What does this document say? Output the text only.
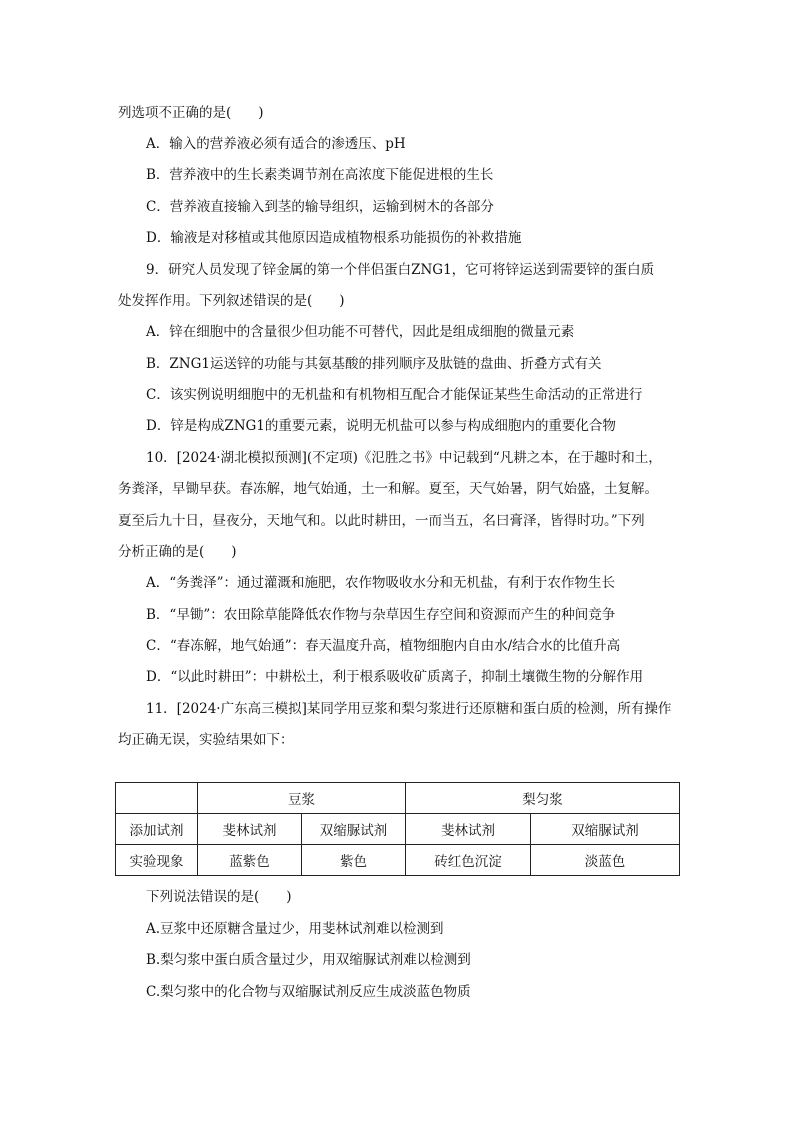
列选项不正确的是(　　)
A．输入的营养液必须有适合的渗透压、pH
B．营养液中的生长素类调节剂在高浓度下能促进根的生长
C．营养液直接输入到茎的输导组织，运输到树木的各部分
D．输液是对移植或其他原因造成植物根系功能损伤的补救措施
9．研究人员发现了锌金属的第一个伴侣蛋白ZNG1，它可将锌运送到需要锌的蛋白质
处发挥作用。下列叙述错误的是(　　)
A．锌在细胞中的含量很少但功能不可替代，因此是组成细胞的微量元素
B．ZNG1运送锌的功能与其氨基酸的排列顺序及肽链的盘曲、折叠方式有关
C．该实例说明细胞中的无机盐和有机物相互配合才能保证某些生命活动的正常进行
D．锌是构成ZNG1的重要元素，说明无机盐可以参与构成细胞内的重要化合物
10．[2024·湖北模拟预测](不定项)《氾胜之书》中记载到“凡耕之本，在于趣时和土，
务粪泽，早锄早获。春冻解，地气始通，土一和解。夏至，天气始暑，阴气始盛，土复解。
夏至后九十日，昼夜分，天地气和。以此时耕田，一而当五，名曰膏泽，皆得时功。”下列
分析正确的是(　　)
A．“务粪泽”：通过灌溉和施肥，农作物吸收水分和无机盐，有利于农作物生长
B．“早锄”：农田除草能降低农作物与杂草因生存空间和资源而产生的种间竞争
C．“春冻解，地气始通”：春天温度升高，植物细胞内自由水/结合水的比值升高
D．“以此时耕田”：中耕松土，利于根系吸收矿质离子，抑制土壤微生物的分解作用
11．[2024·广东高三模拟]某同学用豆浆和梨匀浆进行还原糖和蛋白质的检测，所有操作
均正确无误，实验结果如下：
	豆浆		梨匀浆	
添加试剂	斐林试剂	双缩脲试剂	斐林试剂	双缩脲试剂
实验现象	蓝紫色	紫色	砖红色沉淀	淡蓝色
下列说法错误的是(　　)
A.豆浆中还原糖含量过少，用斐林试剂难以检测到
B.梨匀浆中蛋白质含量过少，用双缩脲试剂难以检测到
C.梨匀浆中的化合物与双缩脲试剂反应生成淡蓝色物质
